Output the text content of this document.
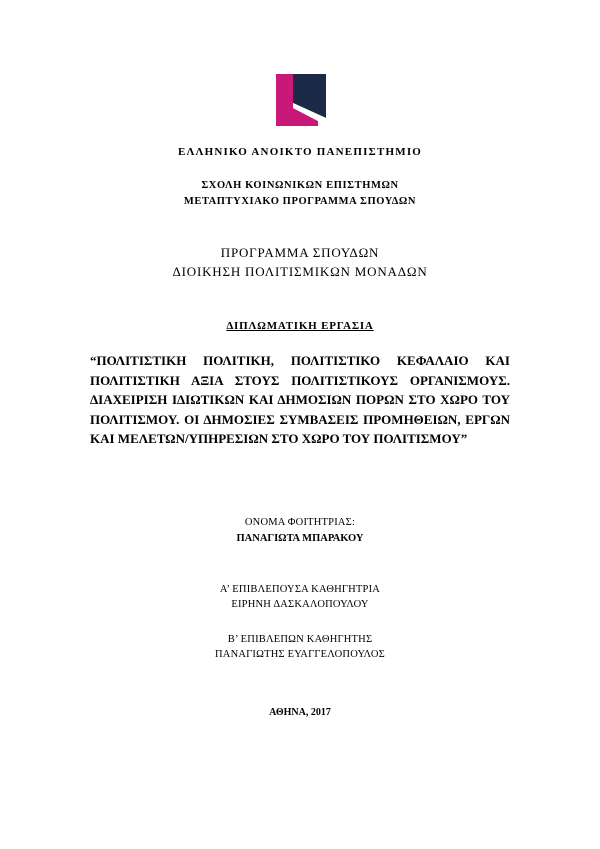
ΕΛΛΗΝΙΚΟ ΑΝΟΙΚΤΟ ΠΑΝΕΠΙΣΤΗΜΙΟ
ΣΧΟΛΗ ΚΟΙΝΩΝΙΚΩΝ ΕΠΙΣΤΗΜΩΝ
ΜΕΤΑΠΤΥΧΙΑΚΟ ΠΡΟΓΡΑΜΜΑ ΣΠΟΥΔΩΝ
ΠΡΟΓΡΑΜΜΑ ΣΠΟΥΔΩΝ
ΔΙΟΙΚΗΣΗ ΠΟΛΙΤΙΣΜΙΚΩΝ ΜΟΝΑΔΩΝ
ΔΙΠΛΩΜΑΤΙΚΗ ΕΡΓΑΣΙΑ
“ΠΟΛΙΤΙΣΤΙΚΗ ΠΟΛΙΤΙΚΗ, ΠΟΛΙΤΙΣΤΙΚΟ ΚΕΦΑΛΑΙΟ ΚΑΙ ΠΟΛΙΤΙΣΤΙΚΗ ΑΞΙΑ ΣΤΟΥΣ ΠΟΛΙΤΙΣΤΙΚΟΥΣ ΟΡΓΑΝΙΣΜΟΥΣ. ΔΙΑΧΕΙΡΙΣΗ ΙΔΙΩΤΙΚΩΝ ΚΑΙ ΔΗΜΟΣΙΩΝ ΠΟΡΩΝ ΣΤΟ ΧΩΡΟ ΤΟΥ ΠΟΛΙΤΙΣΜΟΥ. ΟΙ ΔΗΜΟΣΙΕΣ ΣΥΜΒΑΣΕΙΣ ΠΡΟΜΗΘΕΙΩΝ, ΕΡΓΩΝ ΚΑΙ ΜΕΛΕΤΩΝ/ΥΠΗΡΕΣΙΩΝ ΣΤΟ ΧΩΡΟ ΤΟΥ ΠΟΛΙΤΙΣΜΟΥ”
ΟΝΟΜΑ ΦΟΙΤΗΤΡΙΑΣ:
ΠΑΝΑΓΙΩΤΑ ΜΠΑΡΑΚΟΥ
Α’ ΕΠΙΒΛΕΠΟΥΣΑ ΚΑΘΗΓΗΤΡΙΑ
ΕΙΡΗΝΗ ΔΑΣΚΑΛΟΠΟΥΛΟΥ
Β’ ΕΠΙΒΛΕΠΩΝ ΚΑΘΗΓΗΤΗΣ
ΠΑΝΑΓΙΩΤΗΣ ΕΥΑΓΓΕΛΟΠΟΥΛΟΣ
ΑΘΗΝΑ, 2017
